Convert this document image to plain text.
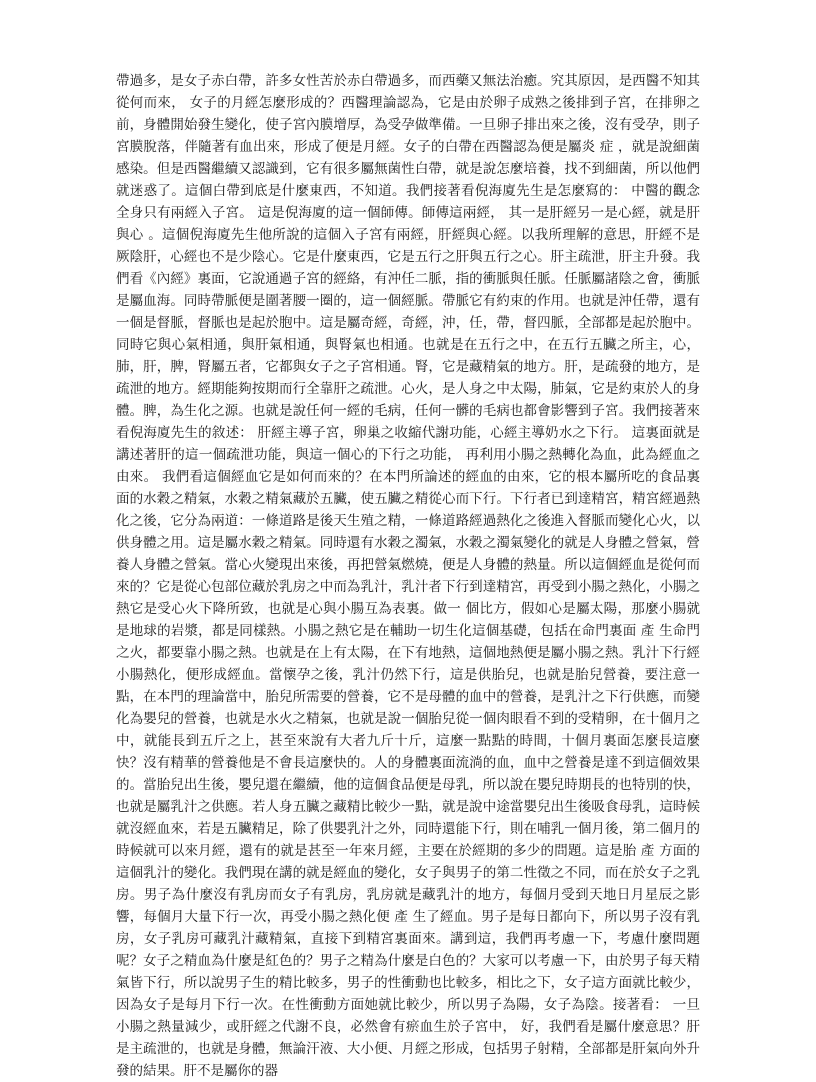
帶過多，是女子赤白帶，許多女性苦於赤白帶過多，而西藥又無法治癒。究其原因，是西醫不知其從何而來， 女子的月經怎麼形成的？西醫理論認為，它是由於卵子成熟之後排到子宮，在排卵之前，身體開始發生變化，使子宮內膜增厚，為受孕做準備。一旦卵子排出來之後，沒有受孕，則子宮膜脫落，伴隨著有血出來，形成了便是月經。女子的白帶在西醫認為便是屬炎 症 ，就是說細菌感染。但是西醫繼續又認識到，它有很多屬無菌性白帶，就是說怎麼培養，找不到細菌，所以他們就迷惑了。這個白帶到底是什麼東西，不知道。我們接著看倪海廈先生是怎麼寫的： 中醫的觀念全身只有兩經入子宮。 這是倪海廈的這一個師傳。師傳這兩經， 其一是肝經另一是心經，就是肝與心 。這個倪海廈先生他所說的這個入子宮有兩經，肝經與心經。以我所理解的意思，肝經不是厥陰肝，心經也不是少陰心。它是什麼東西，它是五行之肝與五行之心。肝主疏泄，肝主升發。我們看《內經》裏面，它說通過子宮的經絡，有沖任二脈，指的衝脈與任脈。任脈屬諸陰之會，衝脈是屬血海。同時帶脈便是圍著腰一圈的，這一個經脈。帶脈它有約束的作用。也就是沖任帶，還有一個是督脈，督脈也是起於胞中。這是屬奇經，奇經，沖，任，帶，督四脈，全部都是起於胞中。同時它與心氣相通，與肝氣相通，與腎氣也相通。也就是在五行之中，在五行五臟之所主，心，肺，肝，脾，腎屬五者，它都與女子之子宮相通。腎，它是藏精氣的地方。肝，是疏發的地方，是疏泄的地方。經期能夠按期而行全靠肝之疏泄。心火，是人身之中太陽，肺氣，它是約束於人的身體。脾，為生化之源。也就是說任何一經的毛病，任何一髒的毛病也都會影響到子宮。我們接著來看倪海廈先生的敘述： 肝經主導子宮，卵巢之收縮代謝功能，心經主導奶水之下行。 這裏面就是講述著肝的這一個疏泄功能，與這一個心的下行之功能， 再利用小腸之熱轉化為血，此為經血之由來。 我們看這個經血它是如何而來的？在本門所論述的經血的由來，它的根本屬所吃的食品裏面的水穀之精氣，水穀之精氣藏於五臟，使五臟之精從心而下行。下行者已到達精宮，精宮經過熱化之後，它分為兩道：一條道路是後天生殖之精，一條道路經過熱化之後進入督脈而變化心火，以供身體之用。這是屬水穀之精氣。同時還有水穀之濁氣，水穀之濁氣變化的就是人身體之營氣，營養人身體之營氣。當心火變現出來後，再把營氣燃燒，便是人身體的熱量。所以這個經血是從何而來的？它是從心包部位藏於乳房之中而為乳汁，乳汁者下行到達精宮，再受到小腸之熱化，小腸之熱它是受心火下降所致，也就是心與小腸互為表裏。做一 個比方，假如心是屬太陽，那麼小腸就是地球的岩漿，都是同樣熱。小腸之熱它是在輔助一切生化這個基礎，包括在命門裏面 產 生命門之火，都要靠小腸之熱。也就是在上有太陽，在下有地熱，這個地熱便是屬小腸之熱。乳汁下行經小腸熱化，便形成經血。當懷孕之後，乳汁仍然下行，這是供胎兒，也就是胎兒營養，要注意一點，在本門的理論當中，胎兒所需要的營養，它不是母體的血中的營養，是乳汁之下行供應，而變化為嬰兒的營養，也就是水火之精氣，也就是說一個胎兒從一個肉眼看不到的受精卵，在十個月之中，就能長到五斤之上，甚至來說有大者九斤十斤，這麼一點點的時間，十個月裏面怎麼長這麼快？沒有精華的營養他是不會長這麼快的。人的身體裏面流淌的血，血中之營養是達不到這個效果的。當胎兒出生後，嬰兒還在繼續，他的這個食品便是母乳，所以說在嬰兒時期長的也特別的快，也就是屬乳汁之供應。若人身五臟之藏精比較少一點，就是說中途當嬰兒出生後吸食母乳，這時候就沒經血來，若是五臟精足，除了供嬰乳汁之外，同時還能下行，則在哺乳一個月後，第二個月的時候就可以來月經，還有的就是甚至一年來月經，主要在於經期的多少的問題。這是胎 產 方面的這個乳汁的變化。我們現在講的就是經血的變化，女子與男子的第二性徵之不同，而在於女子之乳房。男子為什麼沒有乳房而女子有乳房，乳房就是藏乳汁的地方，每個月受到天地日月星辰之影響，每個月大量下行一次，再受小腸之熱化便 產 生了經血。男子是每日都向下，所以男子沒有乳房，女子乳房可藏乳汁藏精氣，直接下到精宮裏面來。講到這，我們再考慮一下，考慮什麼問題呢？女子之精血為什麼是紅色的？男子之精為什麼是白色的？大家可以考慮一下，由於男子每天精氣皆下行，所以說男子生的精比較多，男子的性衝動也比較多，相比之下，女子這方面就比較少，因為女子是每月下行一次。在性衝動方面她就比較少，所以男子為陽，女子為陰。接著看： 一旦小腸之熱量減少，或肝經之代謝不良，必然會有瘀血生於子宮中， 好，我們看是屬什麼意思？肝是主疏泄的，也就是身體，無論汗液、大小便、月經之形成，包括男子射精，全部都是肝氣向外升發的結果。肝不是屬你的器
